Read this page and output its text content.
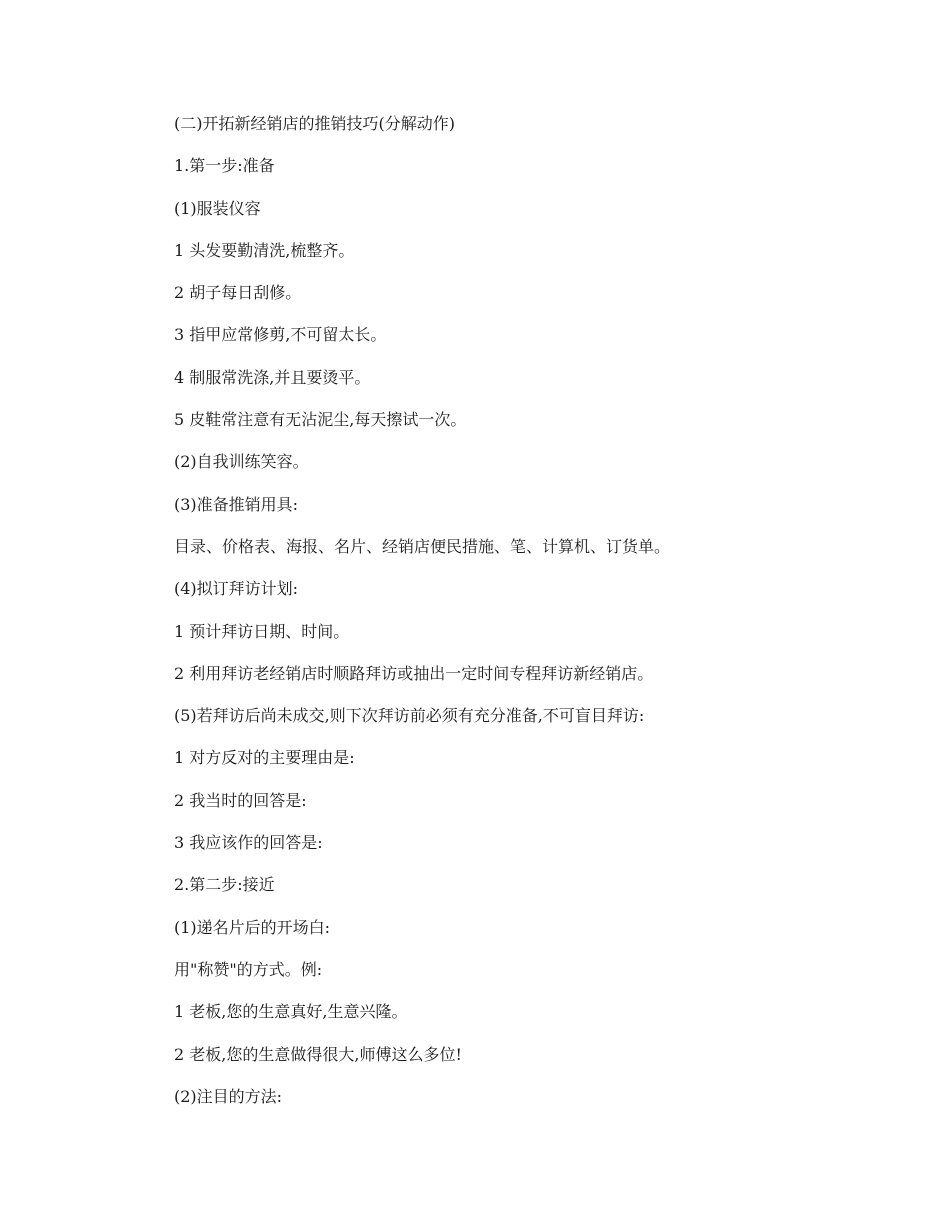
(二)开拓新经销店的推销技巧(分解动作)
1.第一步:准备
(1)服装仪容
1 头发要勤清洗,梳整齐。
2 胡子每日刮修。
3 指甲应常修剪,不可留太长。
4 制服常洗涤,并且要烫平。
5 皮鞋常注意有无沾泥尘,每天擦试一次。
(2)自我训练笑容。
(3)准备推销用具:
目录、价格表、海报、名片、经销店便民措施、笔、计算机、订货单。
(4)拟订拜访计划:
1 预计拜访日期、时间。
2 利用拜访老经销店时顺路拜访或抽出一定时间专程拜访新经销店。
(5)若拜访后尚未成交,则下次拜访前必须有充分准备,不可盲目拜访:
1 对方反对的主要理由是:
2 我当时的回答是:
3 我应该作的回答是:
2.第二步:接近
(1)递名片后的开场白:
用"称赞"的方式。例:
1 老板,您的生意真好,生意兴隆。
2 老板,您的生意做得很大,师傅这么多位!
(2)注目的方法:
